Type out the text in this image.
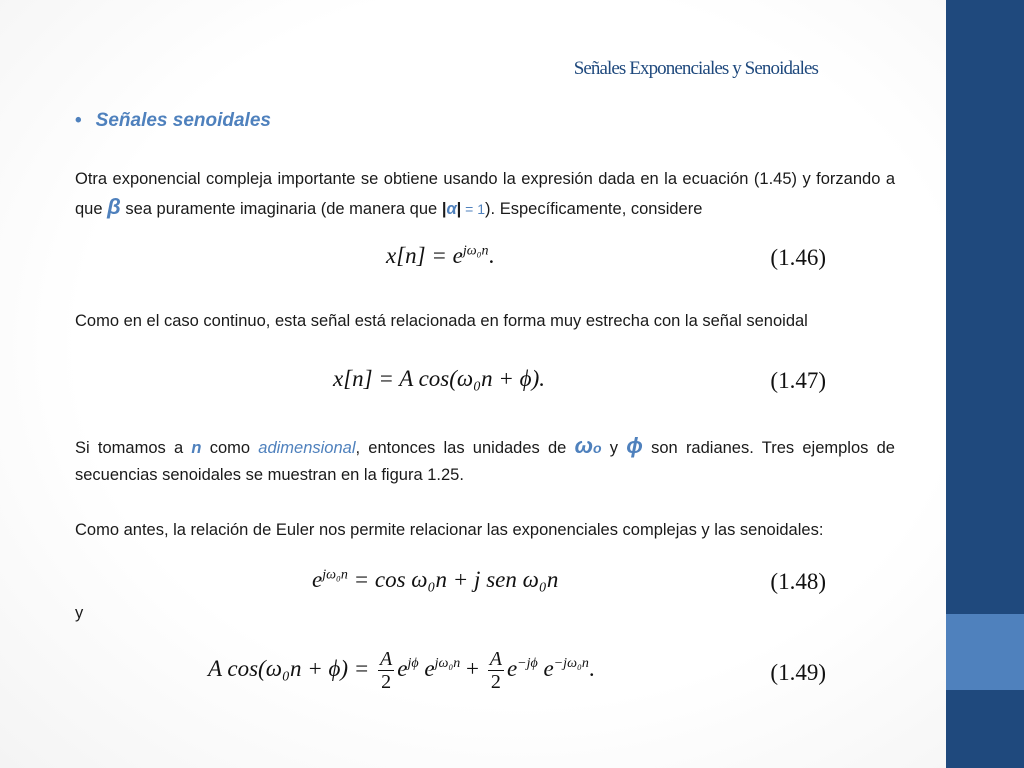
Señales Exponenciales y Senoidales
• Señales senoidales
Otra exponencial compleja importante se obtiene usando la expresión dada en la ecuación (1.45) y forzando a que β sea puramente imaginaria (de manera que |α| = 1). Específicamente, considere
$x[n] = e^{j\omega_0n}$.	(1.46)
Como en el caso continuo, esta señal está relacionada en forma muy estrecha con la señal senoidal
x[n] = A cos(ω₀n + ϕ).	(1.47)
Si tomamos a n como adimensional, entonces las unidades de ωo y ϕ son radianes. Tres ejemplos de secuencias senoidales se muestran en la figura 1.25.
Como antes, la relación de Euler nos permite relacionar las exponenciales complejas y las senoidales:
$e^{j\omega_0n} = \cos \omega_0n + j$ sen ω₀n	(1.48)
y
A $\cos(\omega_0n + \phi) = \frac{A}{2} e^{j\phi}$ $e^{j\omega_0n} + \frac{A}{2} e^{-j\phi}$ $e^{-j\omega_0n}$.	(1.49)
